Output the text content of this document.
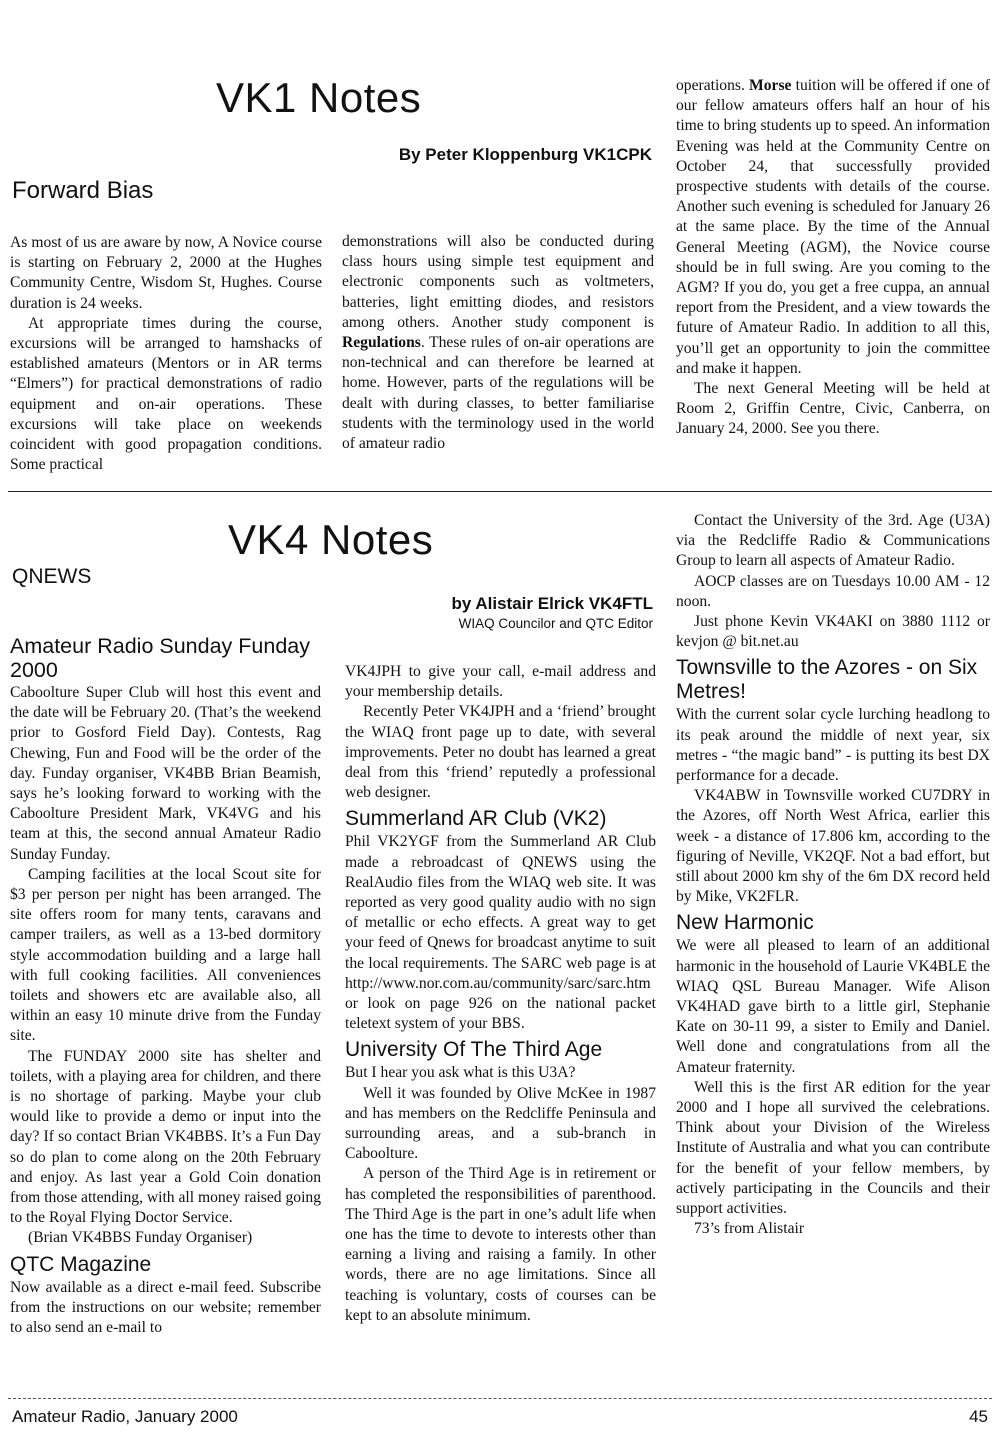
VK1 Notes
By Peter Kloppenburg VK1CPK
Forward Bias

As most of us are aware by now, A Novice course is starting on February 2, 2000 at the Hughes Community Centre, Wisdom St, Hughes. Course duration is 24 weeks.

At appropriate times during the course, excursions will be arranged to hamshacks of established amateurs (Mentors or in AR terms “Elmers”) for practical demonstrations of radio equipment and on-air operations. These excursions will take place on weekends coincident with good propagation conditions. Some practical

demonstrations will also be conducted during class hours using simple test equipment and electronic components such as voltmeters, batteries, light emitting diodes, and resistors among others. Another study component is Regulations. These rules of on-air operations are non-technical and can therefore be learned at home. However, parts of the regulations will be dealt with during classes, to better familiarise students with the terminology used in the world of amateur radio

operations. Morse tuition will be offered if one of our fellow amateurs offers half an hour of his time to bring students up to speed. An information Evening was held at the Community Centre on October 24, that successfully provided prospective students with details of the course. Another such evening is scheduled for January 26 at the same place. By the time of the Annual General Meeting (AGM), the Novice course should be in full swing. Are you coming to the AGM? If you do, you get a free cuppa, an annual report from the President, and a view towards the future of Amateur Radio. In addition to all this, you’ll get an opportunity to join the committee and make it happen.

The next General Meeting will be held at Room 2, Griffin Centre, Civic, Canberra, on January 24, 2000. See you there.

VK4 Notes
QNEWS
by Alistair Elrick VK4FTL
WIAQ Councilor and QTC Editor
Amateur Radio Sunday Funday 2000

Caboolture Super Club will host this event and the date will be February 20. (That’s the weekend prior to Gosford Field Day). Contests, Rag Chewing, Fun and Food will be the order of the day. Funday organiser, VK4BB Brian Beamish, says he’s looking forward to working with the Caboolture President Mark, VK4VG and his team at this, the second annual Amateur Radio Sunday Funday.

Camping facilities at the local Scout site for $3 per person per night has been arranged. The site offers room for many tents, caravans and camper trailers, as well as a 13-bed dormitory style accommodation building and a large hall with full cooking facilities. All conveniences toilets and showers etc are available also, all within an easy 10 minute drive from the Funday site.

The FUNDAY 2000 site has shelter and toilets, with a playing area for children, and there is no shortage of parking. Maybe your club would like to provide a demo or input into the day? If so contact Brian VK4BBS. It’s a Fun Day so do plan to come along on the 20th February and enjoy. As last year a Gold Coin donation from those attending, with all money raised going to the Royal Flying Doctor Service.

(Brian VK4BBS Funday Organiser)

QTC Magazine

Now available as a direct e-mail feed. Subscribe from the instructions on our website; remember to also send an e-mail to

VK4JPH to give your call, e-mail address and your membership details.

Recently Peter VK4JPH and a ‘friend’ brought the WIAQ front page up to date, with several improvements. Peter no doubt has learned a great deal from this ‘friend’ reputedly a professional web designer.

Summerland AR Club (VK2)

Phil VK2YGF from the Summerland AR Club made a rebroadcast of QNEWS using the RealAudio files from the WIAQ web site. It was reported as very good quality audio with no sign of metallic or echo effects. A great way to get your feed of Qnews for broadcast anytime to suit the local requirements. The SARC web page is at http://www.nor.com.au/community/sarc/sarc.htm or look on page 926 on the national packet teletext system of your BBS.

University Of The Third Age

But I hear you ask what is this U3A?

Well it was founded by Olive McKee in 1987 and has members on the Redcliffe Peninsula and surrounding areas, and a sub-branch in Caboolture.

A person of the Third Age is in retirement or has completed the responsibilities of parenthood. The Third Age is the part in one’s adult life when one has the time to devote to interests other than earning a living and raising a family. In other words, there are no age limitations. Since all teaching is voluntary, costs of courses can be kept to an absolute minimum.

Contact the University of the 3rd. Age (U3A) via the Redcliffe Radio & Communications Group to learn all aspects of Amateur Radio.

AOCP classes are on Tuesdays 10.00 AM - 12 noon.

Just phone Kevin VK4AKI on 3880 1112 or kevjon @ bit.net.au

Townsville to the Azores - on Six Metres!

With the current solar cycle lurching headlong to its peak around the middle of next year, six metres - “the magic band” - is putting its best DX performance for a decade.

VK4ABW in Townsville worked CU7DRY in the Azores, off North West Africa, earlier this week - a distance of 17.806 km, according to the figuring of Neville, VK2QF. Not a bad effort, but still about 2000 km shy of the 6m DX record held by Mike, VK2FLR.

New Harmonic

We were all pleased to learn of an additional harmonic in the household of Laurie VK4BLE the WIAQ QSL Bureau Manager. Wife Alison VK4HAD gave birth to a little girl, Stephanie Kate on 30-11 99, a sister to Emily and Daniel. Well done and congratulations from all the Amateur fraternity.

Well this is the first AR edition for the year 2000 and I hope all survived the celebrations. Think about your Division of the Wireless Institute of Australia and what you can contribute for the benefit of your fellow members, by actively participating in the Councils and their support activities.

73’s from Alistair

Amateur Radio, January 2000	45
